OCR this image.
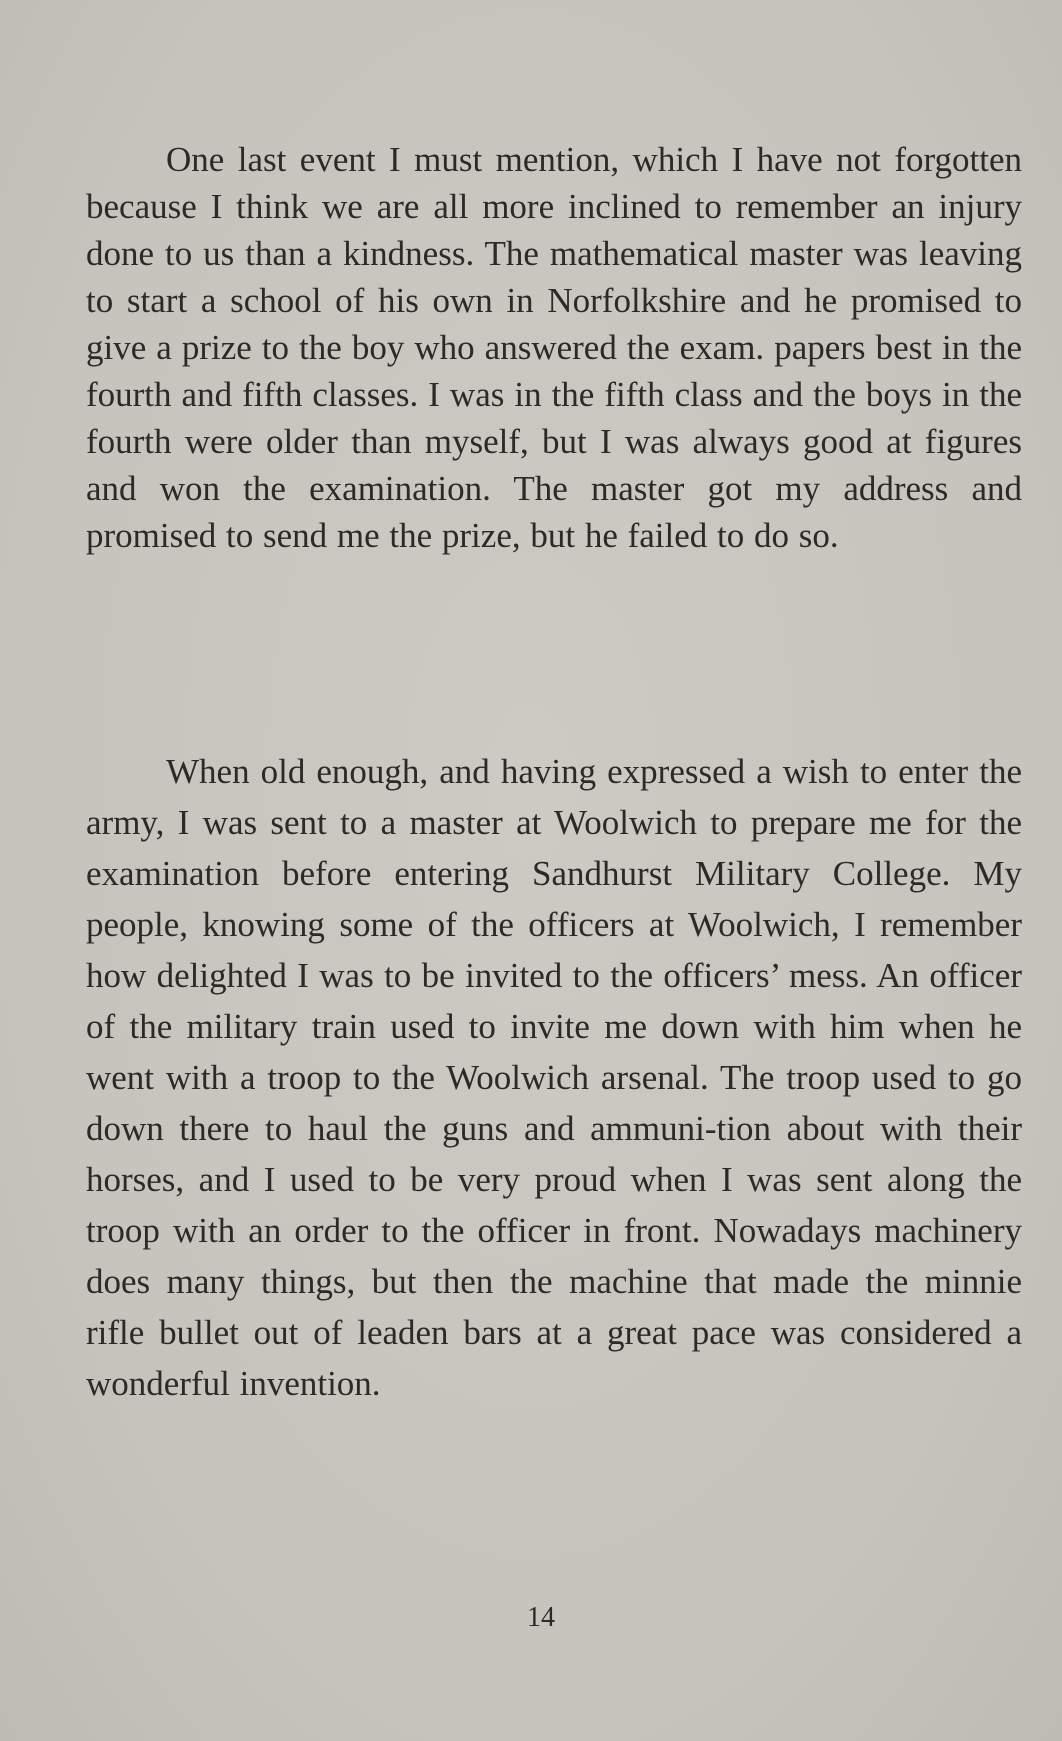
One last event I must mention, which I have not forgotten because I think we are all more inclined to remember an injury done to us than a kindness. The mathematical master was leaving to start a school of his own in Norfolkshire and he promised to give a prize to the boy who answered the exam. papers best in the fourth and fifth classes. I was in the fifth class and the boys in the fourth were older than myself, but I was always good at figures and won the examination. The master got my address and promised to send me the prize, but he failed to do so.

When old enough, and having expressed a wish to enter the army, I was sent to a master at Woolwich to prepare me for the examination before entering Sandhurst Military College. My people, knowing some of the officers at Woolwich, I remember how delighted I was to be invited to the officers’ mess. An officer of the military train used to invite me down with him when he went with a troop to the Woolwich arsenal. The troop used to go down there to haul the guns and ammuni-tion about with their horses, and I used to be very proud when I was sent along the troop with an order to the officer in front. Nowadays machinery does many things, but then the machine that made the minnie rifle bullet out of leaden bars at a great pace was considered a wonderful invention.

14
